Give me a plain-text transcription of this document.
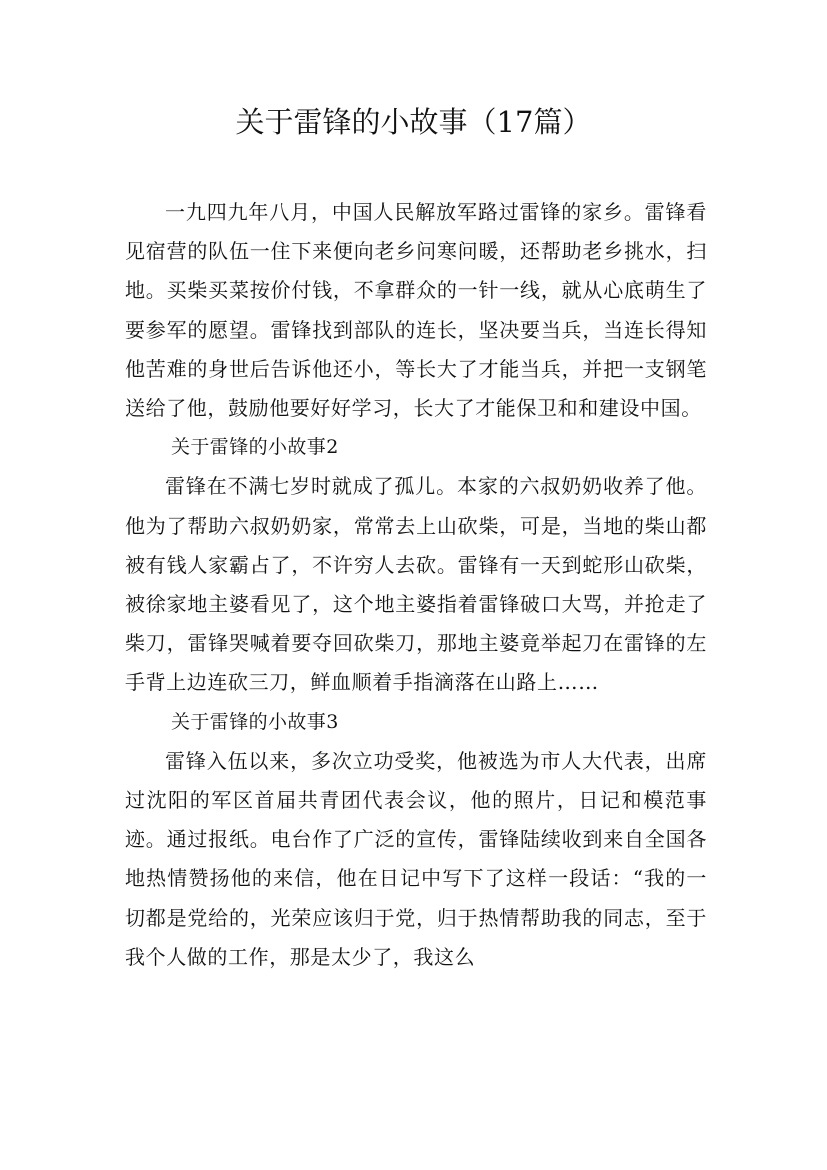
关于雷锋的小故事（17篇）

一九四九年八月，中国人民解放军路过雷锋的家乡。雷锋看见宿营的队伍一住下来便向老乡问寒问暖，还帮助老乡挑水，扫地。买柴买菜按价付钱，不拿群众的一针一线，就从心底萌生了要参军的愿望。雷锋找到部队的连长，坚决要当兵，当连长得知他苦难的身世后告诉他还小，等长大了才能当兵，并把一支钢笔送给了他，鼓励他要好好学习，长大了才能保卫和和建设中国。

关于雷锋的小故事2

雷锋在不满七岁时就成了孤儿。本家的六叔奶奶收养了他。他为了帮助六叔奶奶家，常常去上山砍柴，可是，当地的柴山都被有钱人家霸占了，不许穷人去砍。雷锋有一天到蛇形山砍柴，被徐家地主婆看见了，这个地主婆指着雷锋破口大骂，并抢走了柴刀，雷锋哭喊着要夺回砍柴刀，那地主婆竟举起刀在雷锋的左手背上边连砍三刀，鲜血顺着手指滴落在山路上……

关于雷锋的小故事3

雷锋入伍以来，多次立功受奖，他被选为市人大代表，出席过沈阳的军区首届共青团代表会议，他的照片，日记和模范事迹。通过报纸。电台作了广泛的宣传，雷锋陆续收到来自全国各地热情赞扬他的来信，他在日记中写下了这样一段话：“我的一切都是党给的，光荣应该归于党，归于热情帮助我的同志，至于我个人做的工作，那是太少了，我这么
